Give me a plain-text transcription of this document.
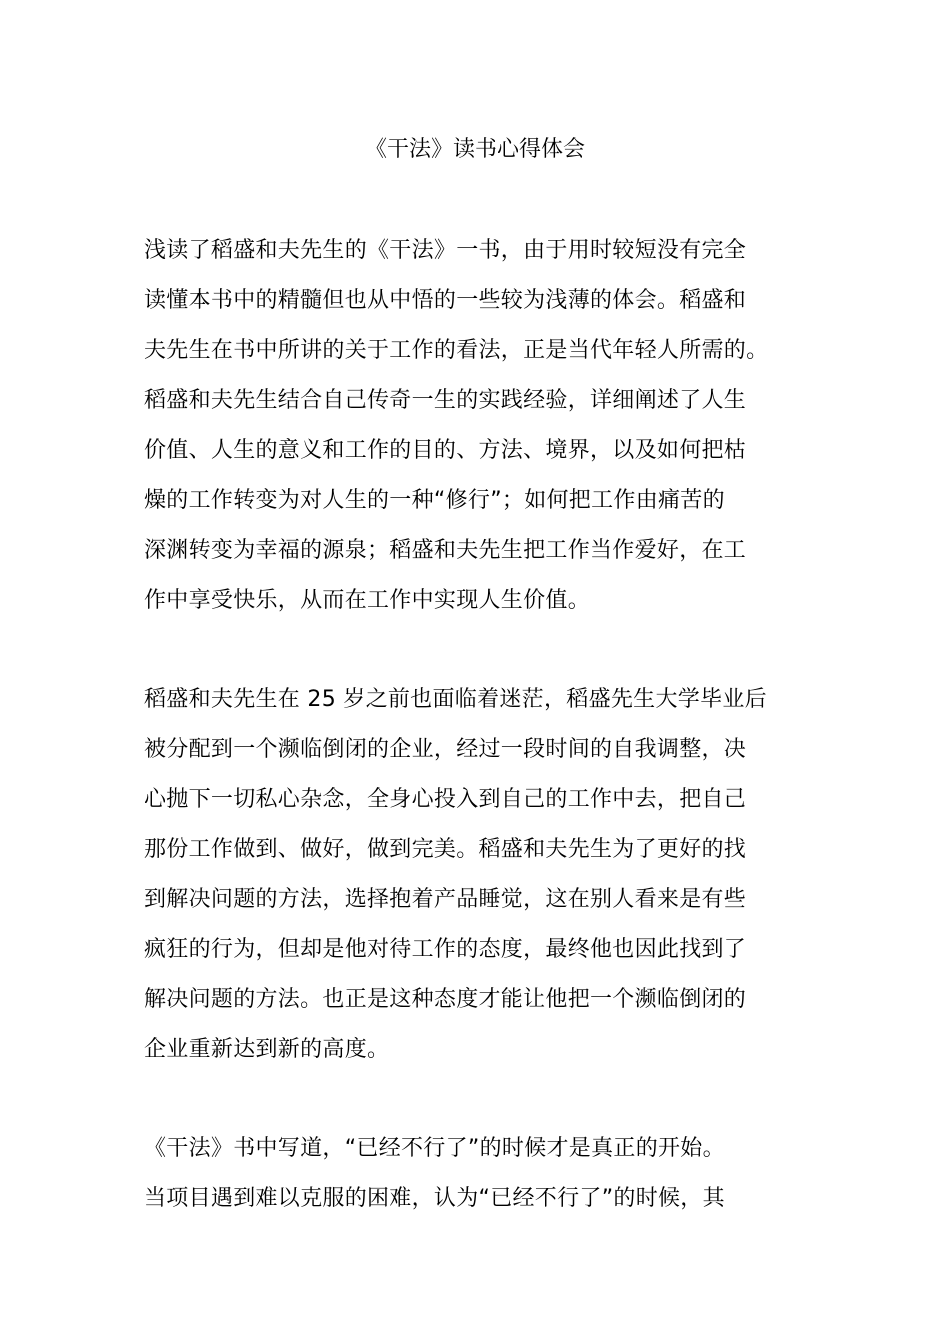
《干法》读书心得体会
浅读了稻盛和夫先生的《干法》一书，由于用时较短没有完全
读懂本书中的精髓但也从中悟的一些较为浅薄的体会。稻盛和
夫先生在书中所讲的关于工作的看法，正是当代年轻人所需的。
稻盛和夫先生结合自己传奇一生的实践经验，详细阐述了人生
价值、人生的意义和工作的目的、方法、境界，以及如何把枯
燥的工作转变为对人生的一种“修行”；如何把工作由痛苦的
深渊转变为幸福的源泉；稻盛和夫先生把工作当作爱好，在工
作中享受快乐，从而在工作中实现人生价值。
稻盛和夫先生在 25 岁之前也面临着迷茫，稻盛先生大学毕业后
被分配到一个濒临倒闭的企业，经过一段时间的自我调整，决
心抛下一切私心杂念，全身心投入到自己的工作中去，把自己
那份工作做到、做好，做到完美。稻盛和夫先生为了更好的找
到解决问题的方法，选择抱着产品睡觉，这在别人看来是有些
疯狂的行为，但却是他对待工作的态度，最终他也因此找到了
解决问题的方法。也正是这种态度才能让他把一个濒临倒闭的
企业重新达到新的高度。
《干法》书中写道，“已经不行了”的时候才是真正的开始。
当项目遇到难以克服的困难，认为“已经不行了”的时候，其
